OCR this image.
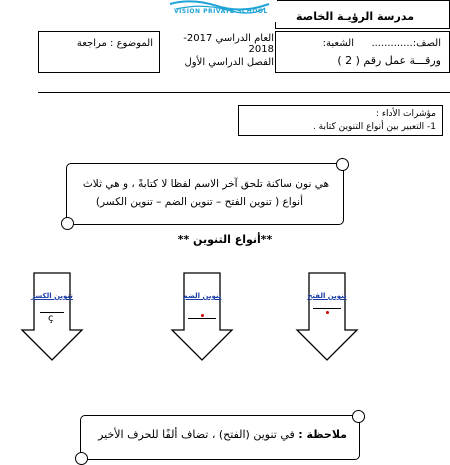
مدرسة الرؤيـة الخاصة
VISION PRIVATE SCHOOL
الصف:.............
الشعبة:
ورقـــة عمل رقم ( 2 )
العام الدراسي 2017-2018
الفصل الدراسي الأول
الموضوع : مراجعة
مؤشرات الأداء :
1- التعبير بين أنواع التنوين كتابة .
هي نون ساكنة تلحق آخر الاسم لفظا لا كتابةً ، و هي ثلاث
أنواع ( تنوين الفتح – تنوين الضم – تنوين الكسر)
**أنواع التنوين **
تنوين الكسر
ç
تنوين الضم	تنوين الفتح
ملاحظة : في تنوين (الفتح) ، تضاف ألفًا للحرف الأخير
